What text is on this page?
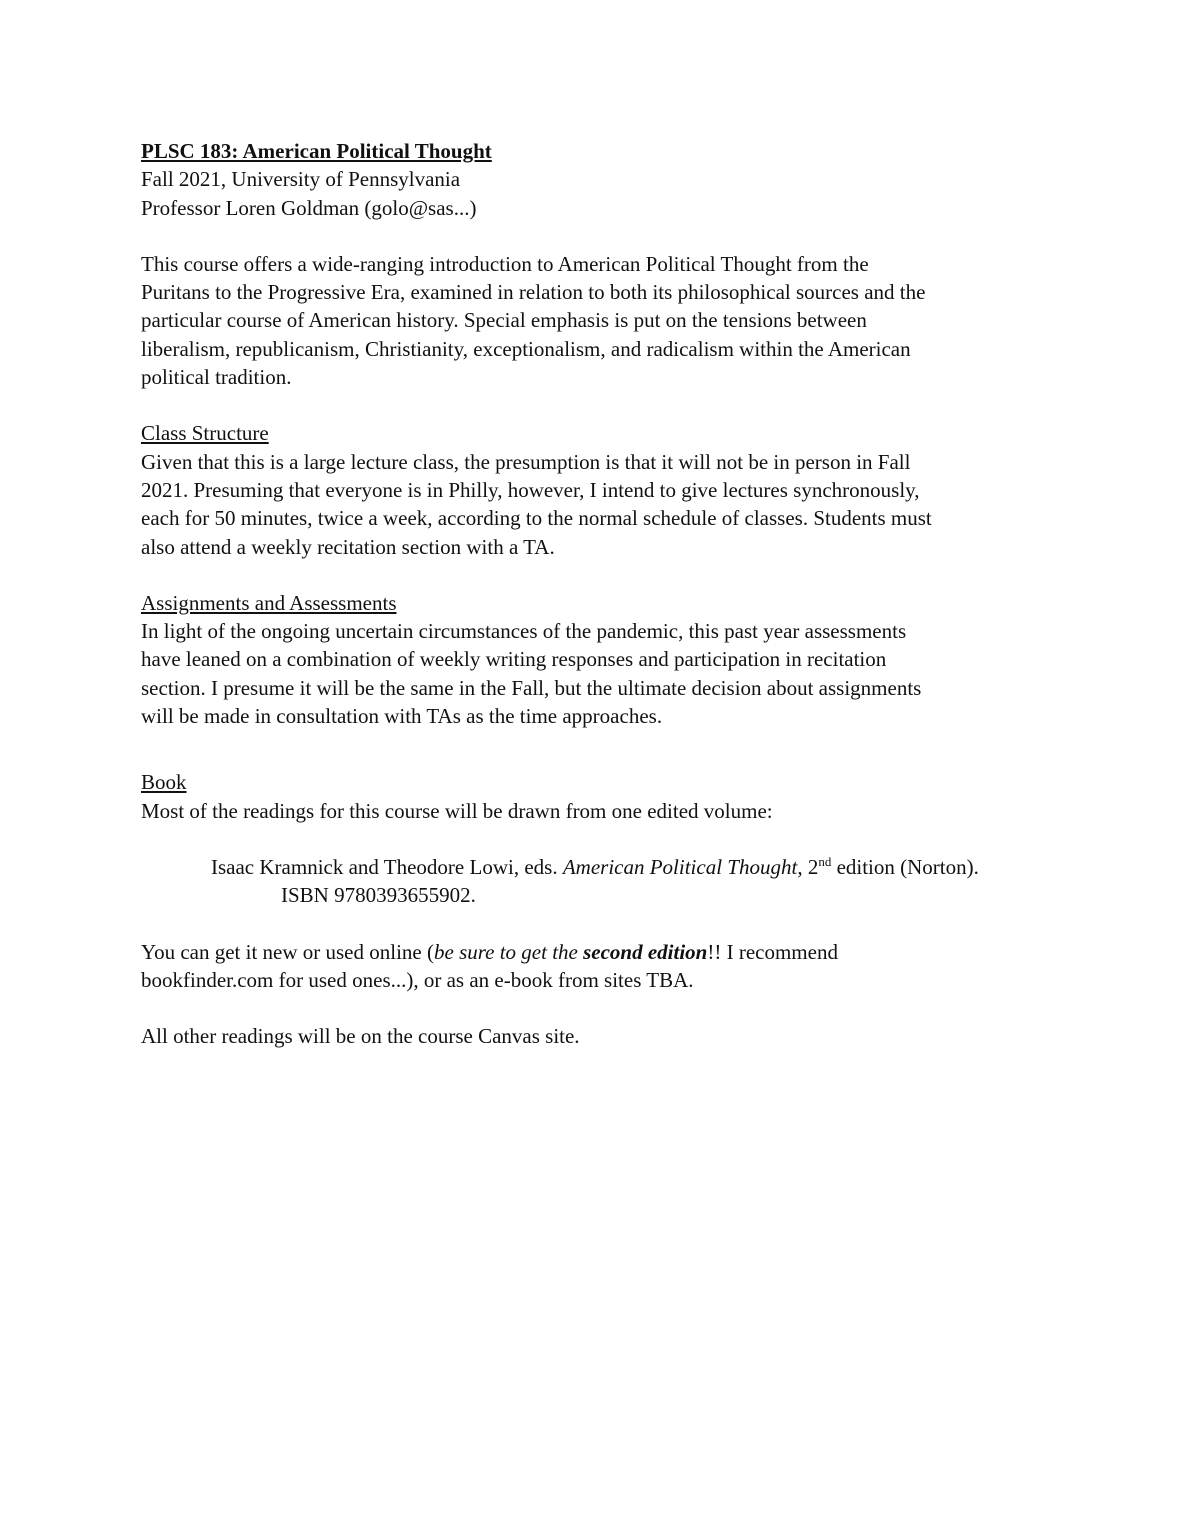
PLSC 183: American Political Thought
Fall 2021, University of Pennsylvania
Professor Loren Goldman (golo@sas...)

This course offers a wide-ranging introduction to American Political Thought from the
Puritans to the Progressive Era, examined in relation to both its philosophical sources and the
particular course of American history. Special emphasis is put on the tensions between
liberalism, republicanism, Christianity, exceptionalism, and radicalism within the American
political tradition.

Class Structure

Given that this is a large lecture class, the presumption is that it will not be in person in Fall
2021. Presuming that everyone is in Philly, however, I intend to give lectures synchronously,
each for 50 minutes, twice a week, according to the normal schedule of classes. Students must
also attend a weekly recitation section with a TA.

Assignments and Assessments

In light of the ongoing uncertain circumstances of the pandemic, this past year assessments
have leaned on a combination of weekly writing responses and participation in recitation
section. I presume it will be the same in the Fall, but the ultimate decision about assignments
will be made in consultation with TAs as the time approaches.

Book
Most of the readings for this course will be drawn from one edited volume:
Isaac Kramnick and Theodore Lowi, eds. American Political Thought, 2nd edition (Norton).
ISBN 9780393655902.

You can get it new or used online (be sure to get the second edition!! I recommend
bookfinder.com for used ones...), or as an e-book from sites TBA.

All other readings will be on the course Canvas site.
